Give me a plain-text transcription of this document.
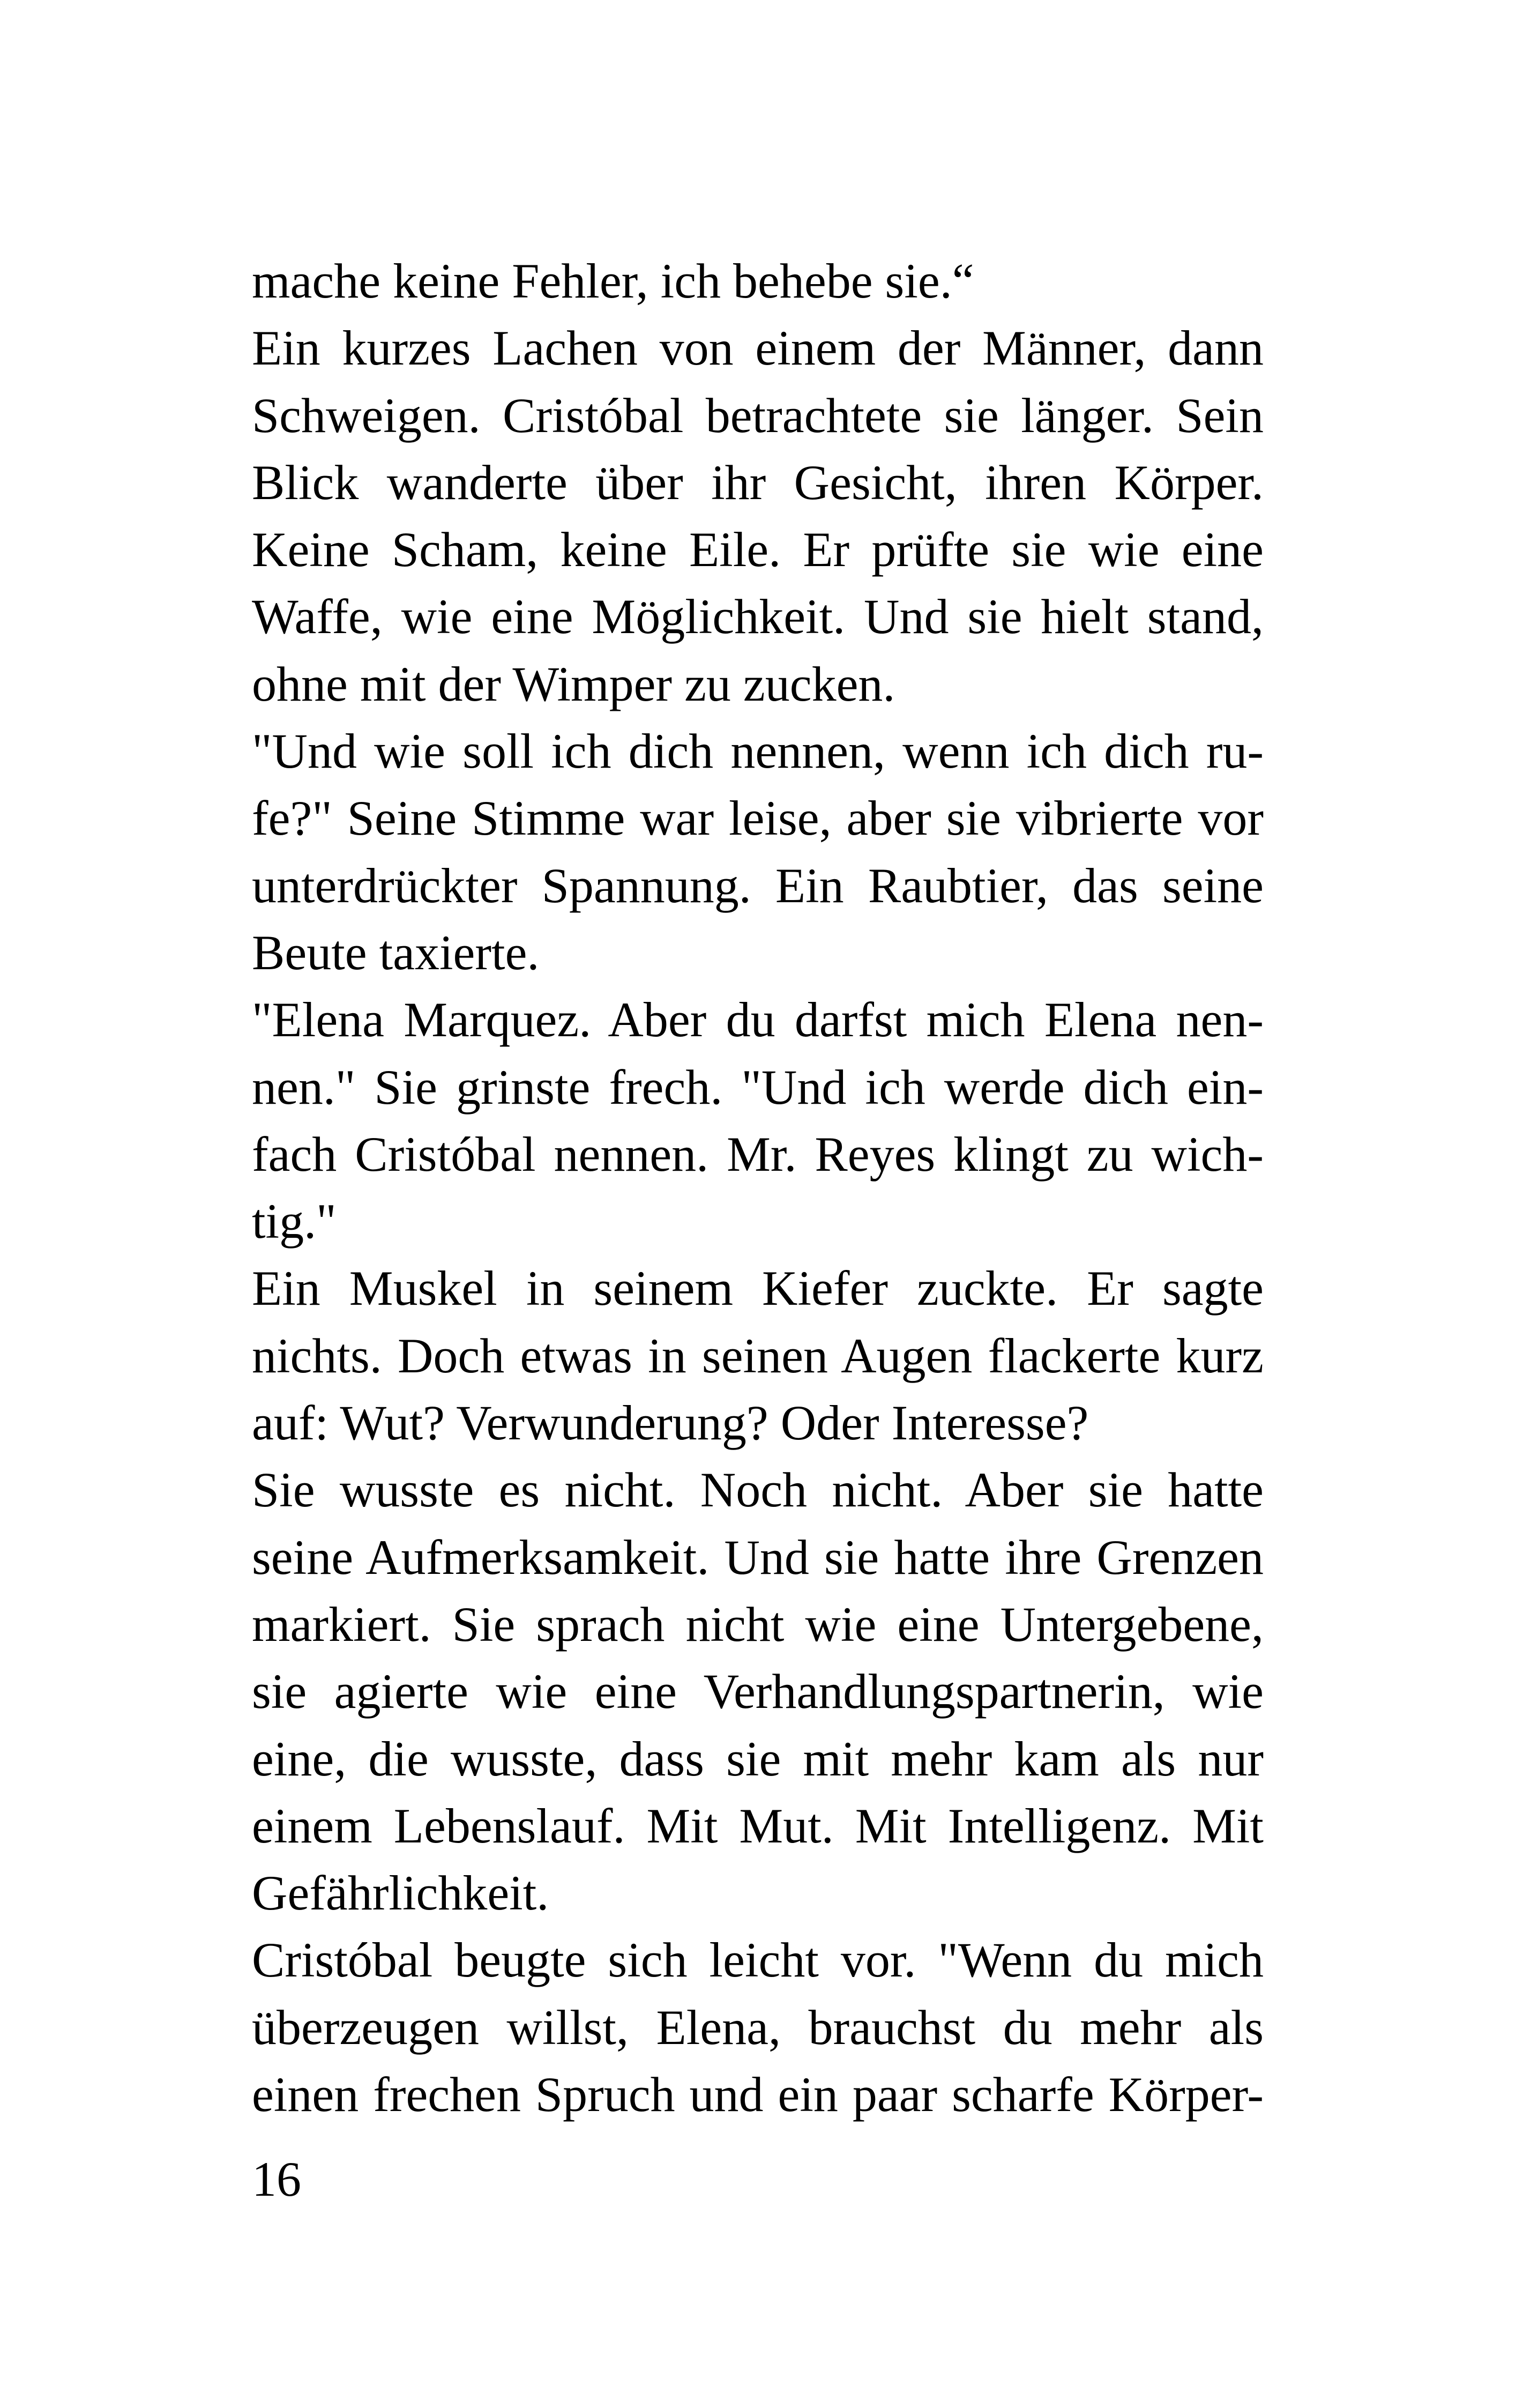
mache keine Fehler, ich behebe sie.“
Ein kurzes Lachen von einem der Männer, dann
Schweigen. Cristóbal betrachtete sie länger. Sein
Blick wanderte über ihr Gesicht, ihren Körper.
Keine Scham, keine Eile. Er prüfte sie wie eine
Waffe, wie eine Möglichkeit. Und sie hielt stand,
ohne mit der Wimper zu zucken.
"Und wie soll ich dich nennen, wenn ich dich ru-
fe?" Seine Stimme war leise, aber sie vibrierte vor
unterdrückter Spannung. Ein Raubtier, das seine
Beute taxierte.
"Elena Marquez. Aber du darfst mich Elena nen-
nen." Sie grinste frech. "Und ich werde dich ein-
fach Cristóbal nennen. Mr. Reyes klingt zu wich-
tig."
Ein Muskel in seinem Kiefer zuckte. Er sagte
nichts. Doch etwas in seinen Augen flackerte kurz
auf: Wut? Verwunderung? Oder Interesse?
Sie wusste es nicht. Noch nicht. Aber sie hatte
seine Aufmerksamkeit. Und sie hatte ihre Grenzen
markiert. Sie sprach nicht wie eine Untergebene,
sie agierte wie eine Verhandlungspartnerin, wie
eine, die wusste, dass sie mit mehr kam als nur
einem Lebenslauf. Mit Mut. Mit Intelligenz. Mit
Gefährlichkeit.
Cristóbal beugte sich leicht vor. "Wenn du mich
überzeugen willst, Elena, brauchst du mehr als
einen frechen Spruch und ein paar scharfe Körper-
16
